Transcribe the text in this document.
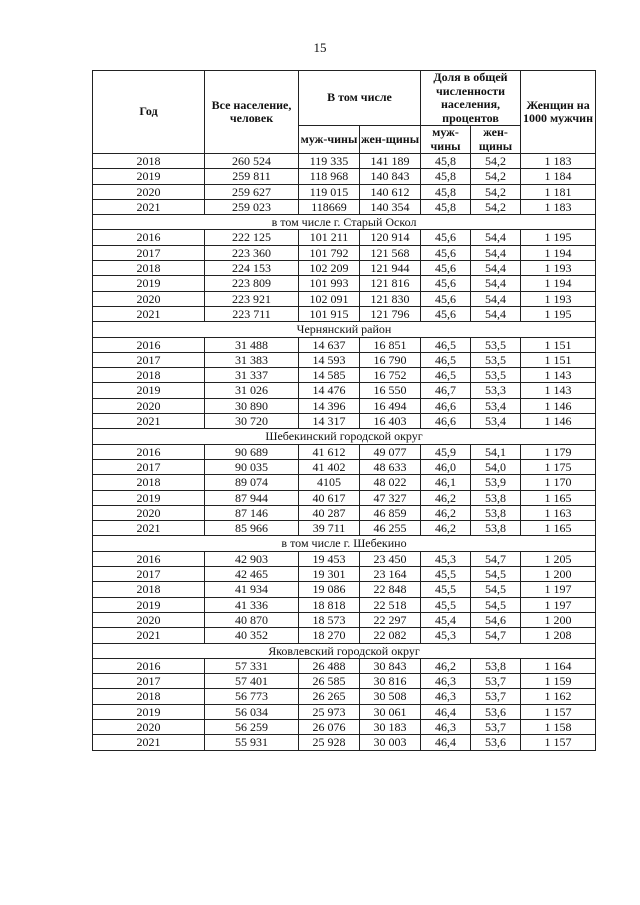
15
Год	Все население, человек	В том числе		Доля в общей численности населения, процентов		Женщин на 1000 мужчин
		муж-чины	жен-щины	муж-чины	жен-щины	
2018	260 524	119 335	141 189	45,8	54,2	1 183
2019	259 811	118 968	140 843	45,8	54,2	1 184
2020	259 627	119 015	140 612	45,8	54,2	1 181
2021	259 023	118669	140 354	45,8	54,2	1 183
в том числе г. Старый Оскол						
2016	222 125	101 211	120 914	45,6	54,4	1 195
2017	223 360	101 792	121 568	45,6	54,4	1 194
2018	224 153	102 209	121 944	45,6	54,4	1 193
2019	223 809	101 993	121 816	45,6	54,4	1 194
2020	223 921	102 091	121 830	45,6	54,4	1 193
2021	223 711	101 915	121 796	45,6	54,4	1 195
Чернянский район						
2016	31 488	14 637	16 851	46,5	53,5	1 151
2017	31 383	14 593	16 790	46,5	53,5	1 151
2018	31 337	14 585	16 752	46,5	53,5	1 143
2019	31 026	14 476	16 550	46,7	53,3	1 143
2020	30 890	14 396	16 494	46,6	53,4	1 146
2021	30 720	14 317	16 403	46,6	53,4	1 146
Шебекинский городской округ						
2016	90 689	41 612	49 077	45,9	54,1	1 179
2017	90 035	41 402	48 633	46,0	54,0	1 175
2018	89 074	4105	48 022	46,1	53,9	1 170
2019	87 944	40 617	47 327	46,2	53,8	1 165
2020	87 146	40 287	46 859	46,2	53,8	1 163
2021	85 966	39 711	46 255	46,2	53,8	1 165
в том числе г. Шебекино						
2016	42 903	19 453	23 450	45,3	54,7	1 205
2017	42 465	19 301	23 164	45,5	54,5	1 200
2018	41 934	19 086	22 848	45,5	54,5	1 197
2019	41 336	18 818	22 518	45,5	54,5	1 197
2020	40 870	18 573	22 297	45,4	54,6	1 200
2021	40 352	18 270	22 082	45,3	54,7	1 208
Яковлевский городской округ						
2016	57 331	26 488	30 843	46,2	53,8	1 164
2017	57 401	26 585	30 816	46,3	53,7	1 159
2018	56 773	26 265	30 508	46,3	53,7	1 162
2019	56 034	25 973	30 061	46,4	53,6	1 157
2020	56 259	26 076	30 183	46,3	53,7	1 158
2021	55 931	25 928	30 003	46,4	53,6	1 157
